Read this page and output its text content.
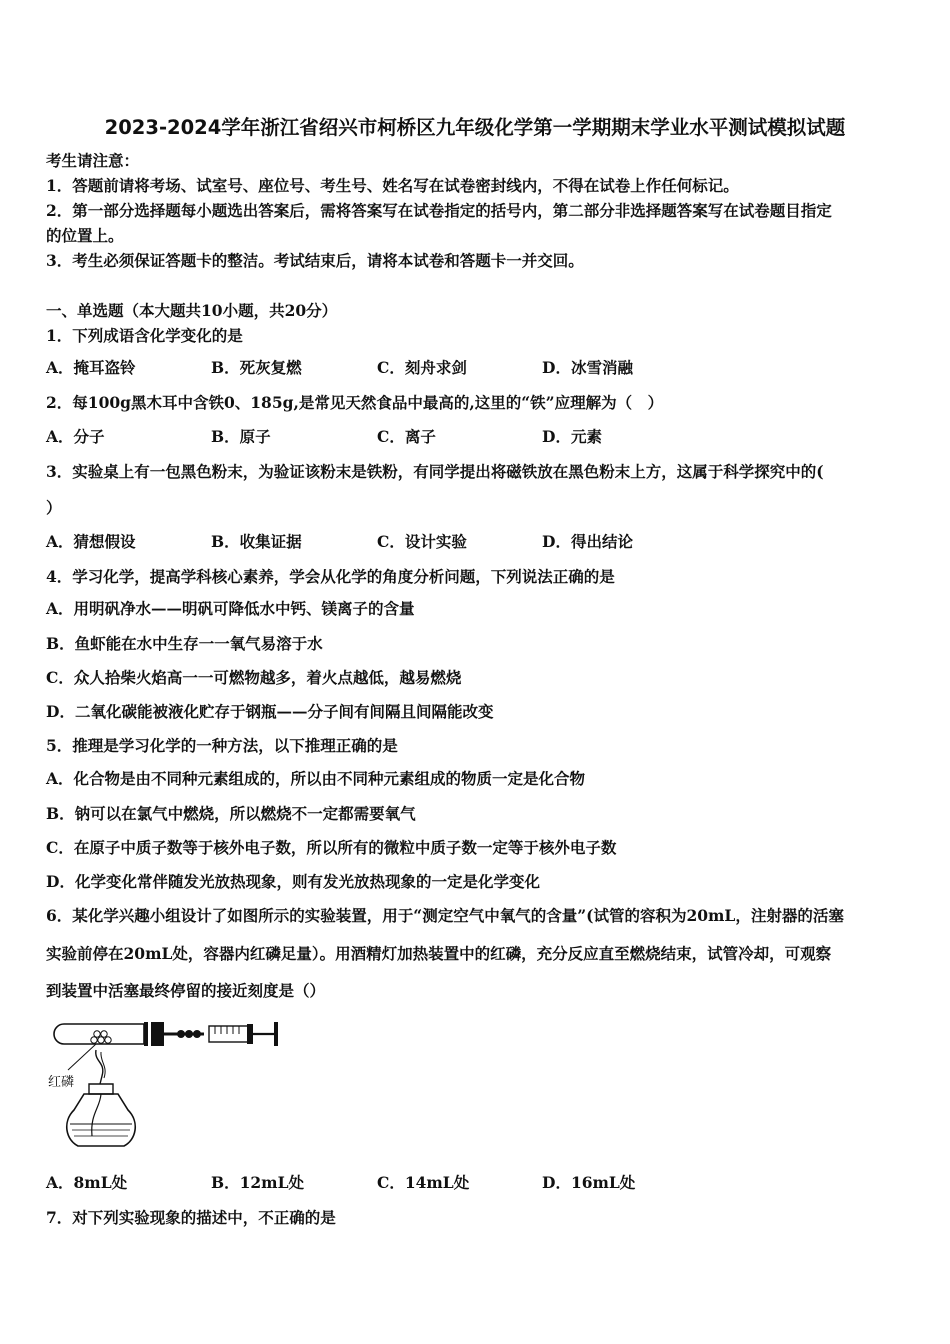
2023-2024学年浙江省绍兴市柯桥区九年级化学第一学期期末学业水平测试模拟试题
考生请注意：
1．答题前请将考场、试室号、座位号、考生号、姓名写在试卷密封线内，不得在试卷上作任何标记。
2．第一部分选择题每小题选出答案后，需将答案写在试卷指定的括号内，第二部分非选择题答案写在试卷题目指定
的位置上。
3．考生必须保证答题卡的整洁。考试结束后，请将本试卷和答题卡一并交回。
一、单选题（本大题共10小题，共20分）
1．下列成语含化学变化的是
A．掩耳盗铃	B．死灰复燃	C．刻舟求剑	D．冰雪消融
2．每100g黑木耳中含铁0、185g,是常见天然食品中最高的,这里的“铁”应理解为（　）
A．分子	B．原子	C．离子	D．元素
3．实验桌上有一包黑色粉末，为验证该粉末是铁粉，有同学提出将磁铁放在黑色粉末上方，这属于科学探究中的(
）
A．猜想假设	B．收集证据	C．设计实验	D．得出结论
4．学习化学，提高学科核心素养，学会从化学的角度分析问题，下列说法正确的是
A．用明矾净水——明矾可降低水中钙、镁离子的含量
B．鱼虾能在水中生存一一氧气易溶于水
C．众人拾柴火焰高一一可燃物越多，着火点越低，越易燃烧
D．二氧化碳能被液化贮存于钢瓶——分子间有间隔且间隔能改变
5．推理是学习化学的一种方法，以下推理正确的是
A．化合物是由不同种元素组成的，所以由不同种元素组成的物质一定是化合物
B．钠可以在氯气中燃烧，所以燃烧不一定都需要氧气
C．在原子中质子数等于核外电子数，所以所有的微粒中质子数一定等于核外电子数
D．化学变化常伴随发光放热现象，则有发光放热现象的一定是化学变化
6．某化学兴趣小组设计了如图所示的实验装置，用于“测定空气中氧气的含量”(试管的容积为20mL，注射器的活塞
实验前停在20mL处，容器内红磷足量）。用酒精灯加热装置中的红磷，充分反应直至燃烧结束，试管冷却，可观察
到装置中活塞最终停留的接近刻度是（）
红磷
A．8mL处	B．12mL处	C．14mL处	D．16mL处
7．对下列实验现象的描述中，不正确的是
